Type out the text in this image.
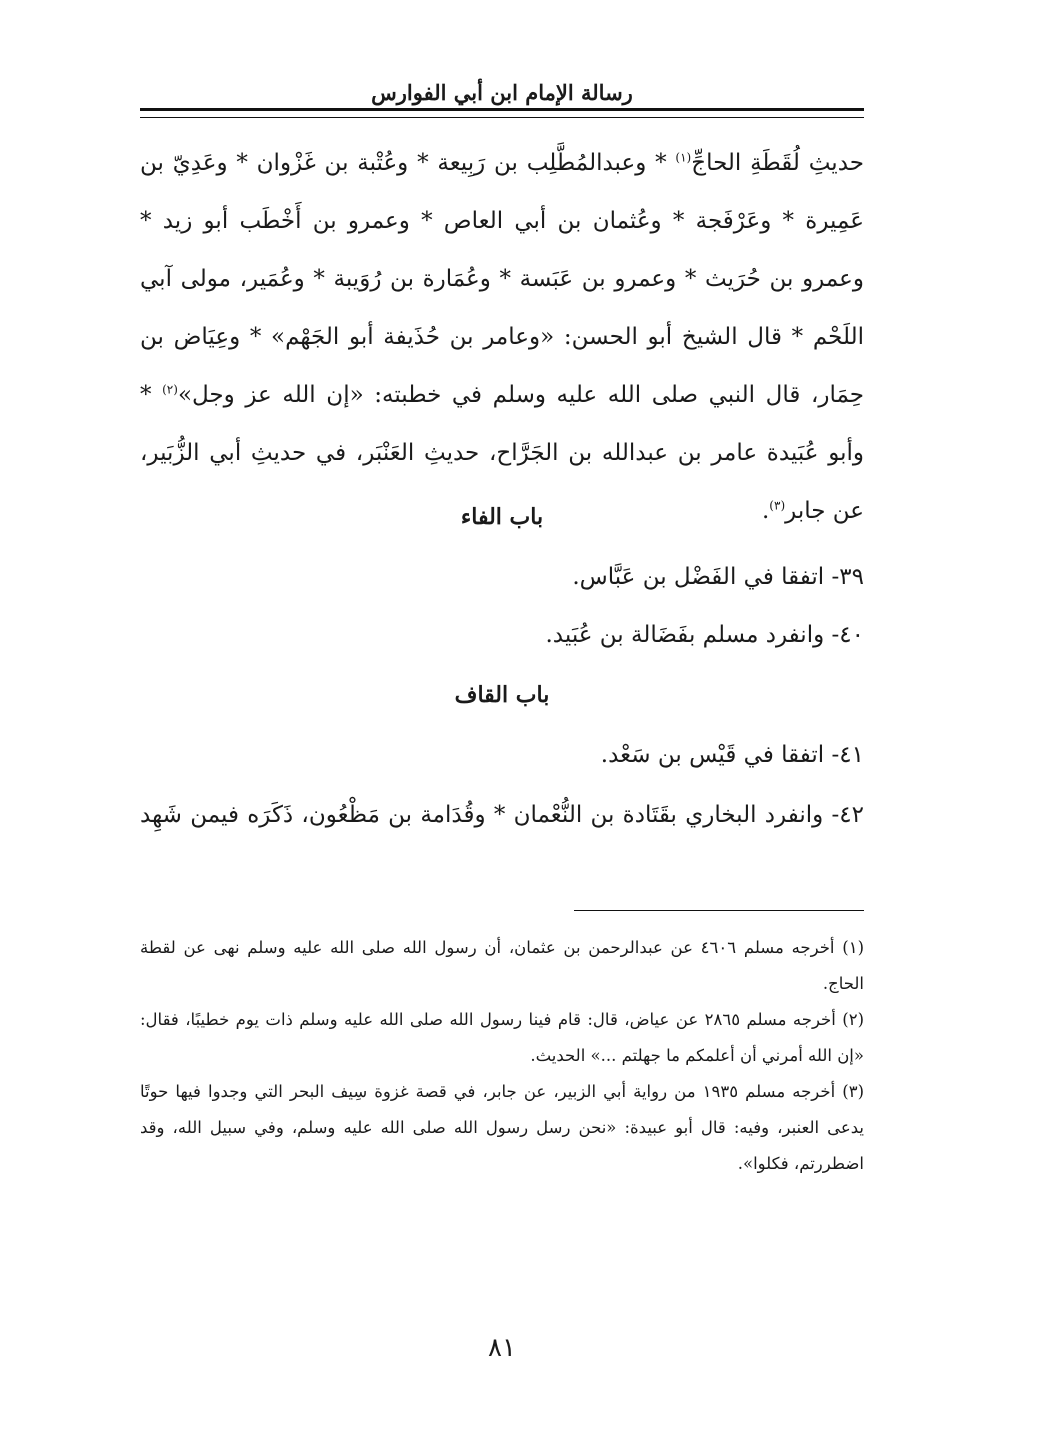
رسالة الإمام ابن أبي الفوارس

حديثِ لُقَطَةِ الحاجِّ$^{(١)}$ * وعبدالمُطَّلِب بن رَبِيعة * وعُتْبة بن غَزْوان * وعَدِيّ بن عَمِيرة * وعَرْفَجة * وعُثمان بن أبي العاص * وعمرو بن أَخْطَب أبو زيد * وعمرو بن حُرَيث * وعمرو بن عَبَسة * وعُمَارة بن رُوَيبة * وعُمَير، مولى آبي اللَحْم * قال الشيخ أبو الحسن: «وعامر بن حُذَيفة أبو الجَهْم» * وعِيَاض بن حِمَار، قال النبي صلى الله عليه وسلم في خطبته: «إن الله عز وجل»$^{(٢)}$ * وأبو عُبَيدة عامر بن عبدالله بن الجَرَّاح، حديثِ العَنْبَر، في حديثِ أبي الزُّبَير، عن جابر$^{(٣)}$.

باب الفاء
٣٩- اتفقا في الفَضْل بن عَبَّاس.
٤٠- وانفرد مسلم بفَضَالة بن عُبَيد.
باب القاف
٤١- اتفقا في قَيْس بن سَعْد.
٤٢- وانفرد البخاري بقَتَادة بن النُّعْمان * وقُدَامة بن مَظْعُون، ذَكَرَه فيمن شَهِد

(١) أخرجه مسلم ٤٦٠٦ عن عبدالرحمن بن عثمان، أن رسول الله صلى الله عليه وسلم نهى عن لقطة الحاج.

(٢) أخرجه مسلم ٢٨٦٥ عن عياض، قال: قام فينا رسول الله صلى الله عليه وسلم ذات يوم خطيبًا، فقال: «إن الله أمرني أن أعلمكم ما جهلتم ...» الحديث.

(٣) أخرجه مسلم ١٩٣٥ من رواية أبي الزبير، عن جابر، في قصة غزوة سِيف البحر التي وجدوا فيها حوتًا يدعى العنبر، وفيه: قال أبو عبيدة: «نحن رسل رسول الله صلى الله عليه وسلم، وفي سبيل الله، وقد اضطررتم، فكلوا».

٨١
